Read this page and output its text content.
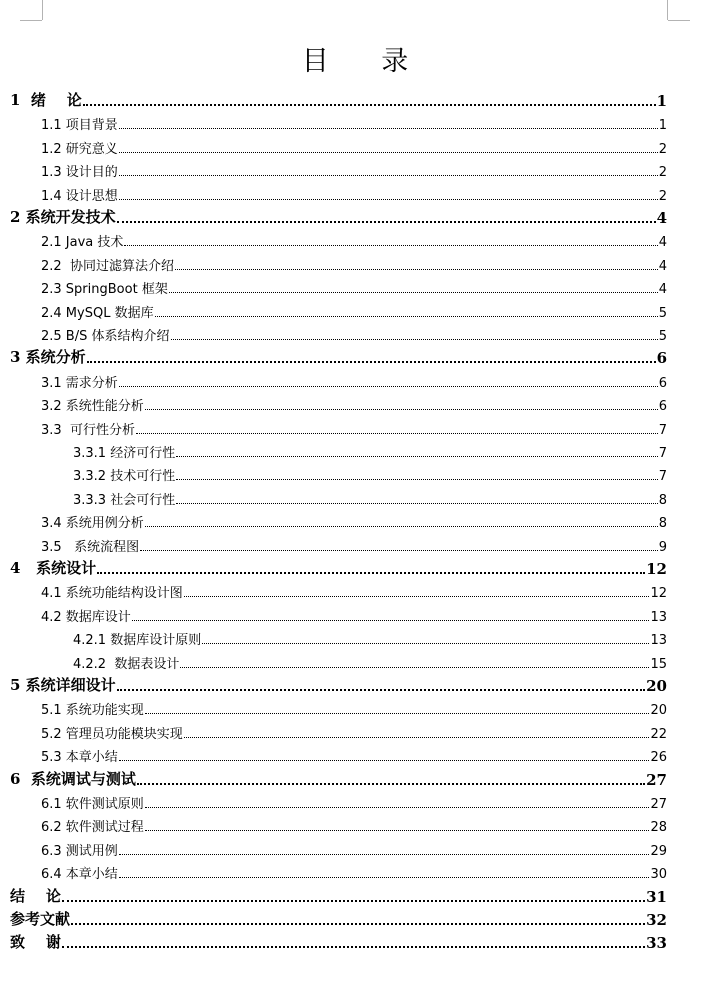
目 录
1  绪    论	1
1.1 项目背景	1
1.2 研究意义	2
1.3 设计目的	2
1.4 设计思想	2
2 系统开发技术	4
2.1 Java 技术	4
2.2  协同过滤算法介绍	4
2.3 SpringBoot 框架	4
2.4 MySQL 数据库	5
2.5 B/S 体系结构介绍	5
3 系统分析	6
3.1 需求分析	6
3.2 系统性能分析	6
3.3  可行性分析	7
3.3.1 经济可行性	7
3.3.2 技术可行性	7
3.3.3 社会可行性	8
3.4 系统用例分析	8
3.5   系统流程图	9
4   系统设计	12
4.1 系统功能结构设计图	12
4.2 数据库设计	13
4.2.1 数据库设计原则	13
4.2.2  数据表设计	15
5 系统详细设计	20
5.1 系统功能实现	20
5.2 管理员功能模块实现	22
5.3 本章小结	26
6  系统调试与测试	27
6.1 软件测试原则	27
6.2 软件测试过程	28
6.3 测试用例	29
6.4 本章小结	30
结    论	31
参考文献	32
致    谢	33
